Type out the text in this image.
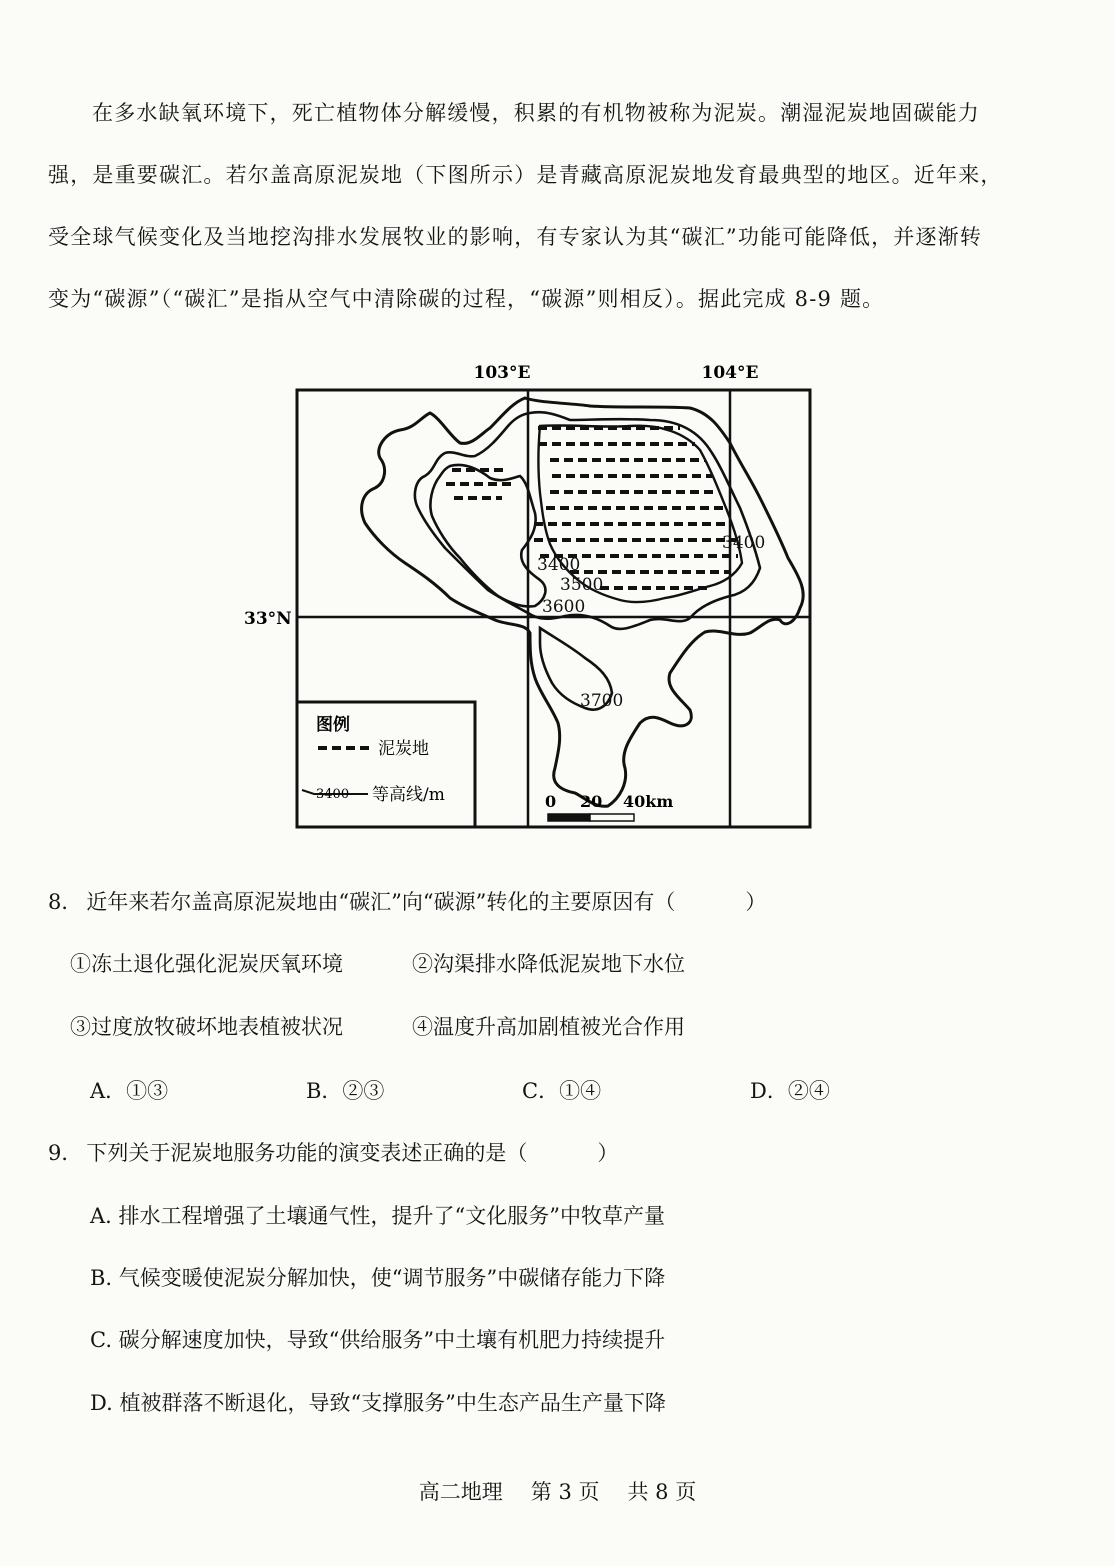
在多水缺氧环境下，死亡植物体分解缓慢，积累的有机物被称为泥炭。潮湿泥炭地固碳能力
强，是重要碳汇。若尔盖高原泥炭地（下图所示）是青藏高原泥炭地发育最典型的地区。近年来，
受全球气候变化及当地挖沟排水发展牧业的影响，有专家认为其“碳汇”功能可能降低，并逐渐转
变为“碳源”（“碳汇”是指从空气中清除碳的过程，“碳源”则相反）。据此完成 8-9 题。
103°E	104°E
33°N
3400
3500
3600
3700
3400
图例
泥炭地
3400 等高线/m	0 20 40km
8． 近年来若尔盖高原泥炭地由“碳汇”向“碳源”转化的主要原因有（	）
①冻土退化强化泥炭厌氧环境	②沟渠排水降低泥炭地下水位
③过度放牧破坏地表植被状况	④温度升高加剧植被光合作用
A．①③	B．②③	C．①④	D．②④
9． 下列关于泥炭地服务功能的演变表述正确的是（	）
A. 排水工程增强了土壤通气性，提升了“文化服务”中牧草产量
B. 气候变暖使泥炭分解加快，使“调节服务”中碳储存能力下降
C. 碳分解速度加快，导致“供给服务”中土壤有机肥力持续提升
D. 植被群落不断退化，导致“支撑服务”中生态产品生产量下降
高二地理 第 3 页 共 8 页
